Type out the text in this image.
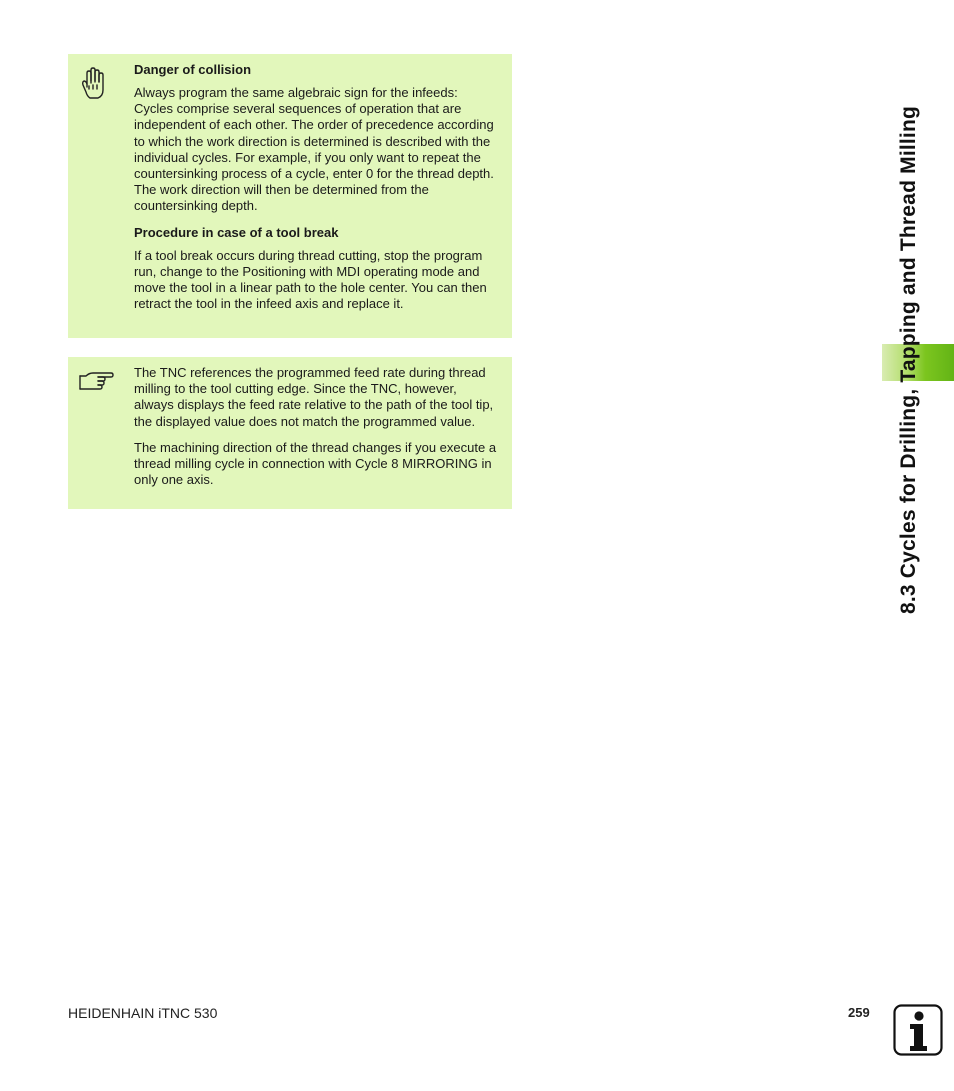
Danger of collision

Always program the same algebraic sign for the infeeds: Cycles comprise several sequences of operation that are independent of each other. The order of precedence according to which the work direction is determined is described with the individual cycles. For example, if you only want to repeat the countersinking process of a cycle, enter 0 for the thread depth. The work direction will then be determined from the countersinking depth.

Procedure in case of a tool break

If a tool break occurs during thread cutting, stop the program run, change to the Positioning with MDI operating mode and move the tool in a linear path to the hole center. You can then retract the tool in the infeed axis and replace it.

The TNC references the programmed feed rate during thread milling to the tool cutting edge. Since the TNC, however, always displays the feed rate relative to the path of the tool tip, the displayed value does not match the programmed value.

The machining direction of the thread changes if you execute a thread milling cycle in connection with Cycle 8 MIRRORING in only one axis.	8.3 Cycles for Drilling, Tapping and Thread Milling
HEIDENHAIN iTNC 530	259
